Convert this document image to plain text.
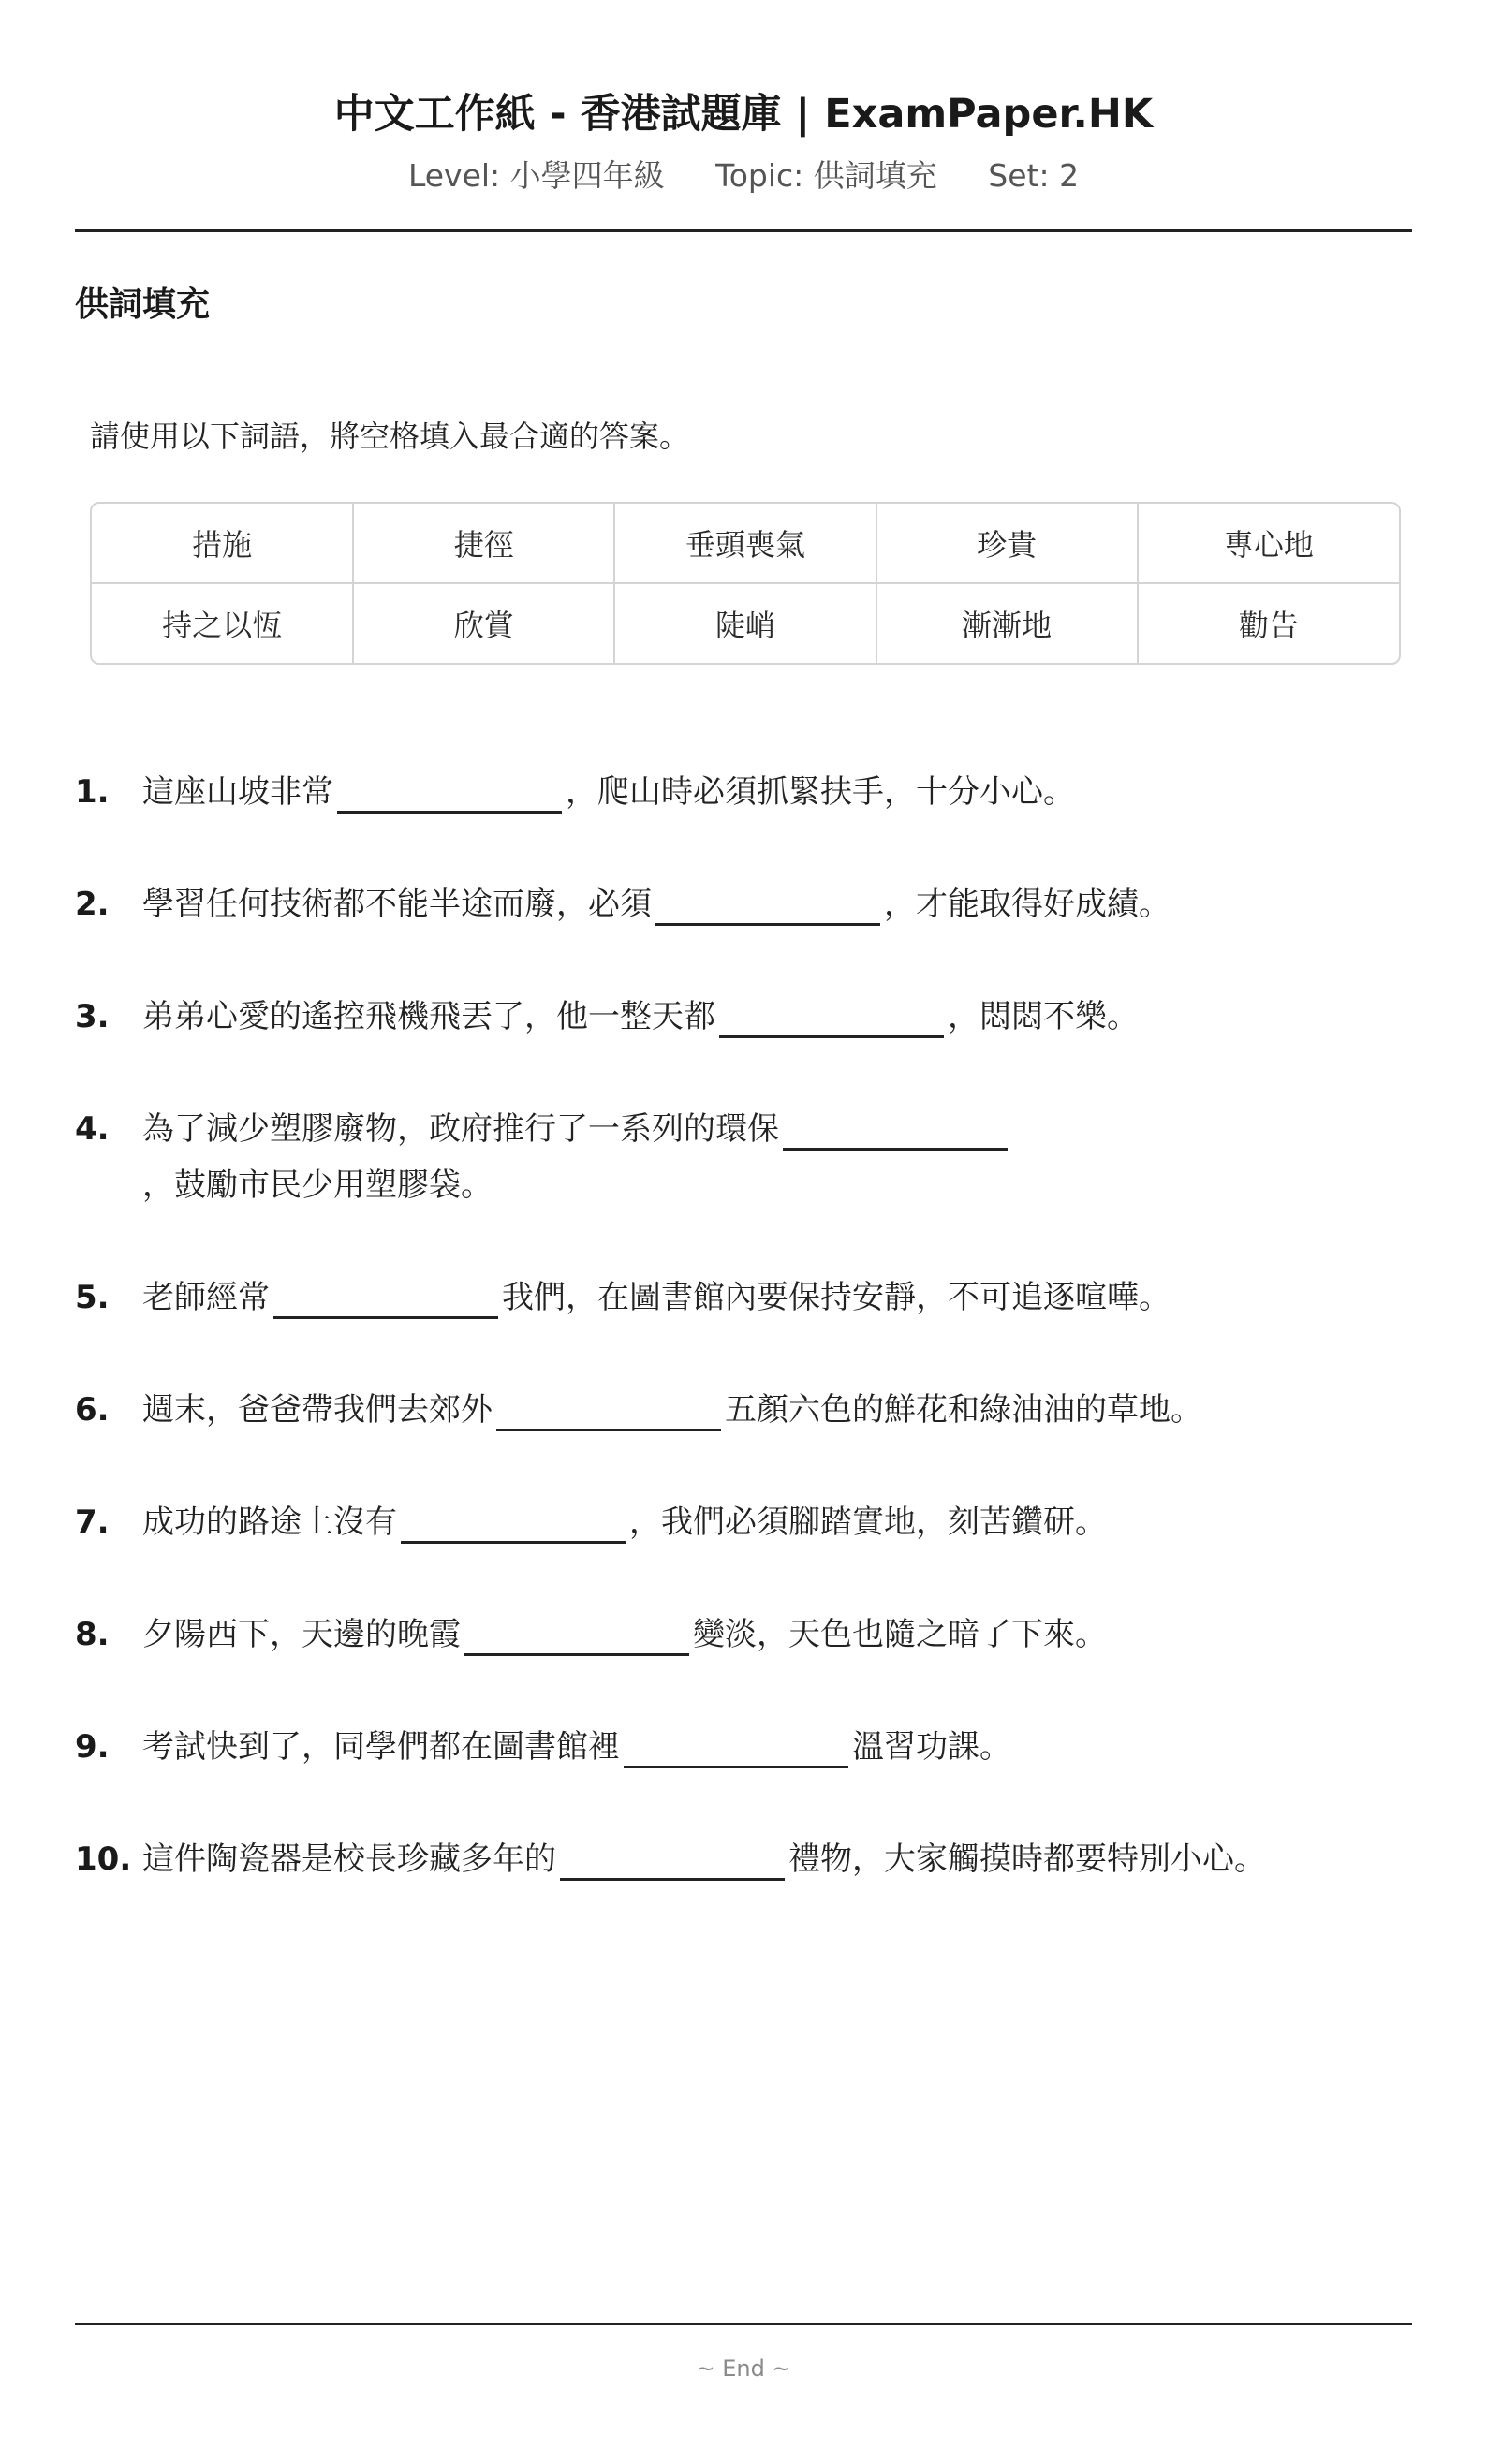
中文工作紙 - 香港試題庫 | ExamPaper.HK
Level: 小學四年級 Topic: 供詞填充 Set: 2
供詞填充
請使用以下詞語，將空格填入最合適的答案。
措施	捷徑	垂頭喪氣	珍貴	專心地
持之以恆	欣賞	陡峭	漸漸地	勸告
1.	這座山坡非常	，爬山時必須抓緊扶手，十分小心。
2.	學習任何技術都不能半途而廢，必須	，才能取得好成績。
3.	弟弟心愛的遙控飛機飛丟了，他一整天都	，悶悶不樂。
4.	為了減少塑膠廢物，政府推行了一系列的環保
，鼓勵市民少用塑膠袋。
5.	老師經常	我們，在圖書館內要保持安靜，不可追逐喧嘩。
6.	週末，爸爸帶我們去郊外	五顏六色的鮮花和綠油油的草地。
7.	成功的路途上沒有	，我們必須腳踏實地，刻苦鑽研。
8.	夕陽西下，天邊的晚霞	變淡，天色也隨之暗了下來。
9.	考試快到了，同學們都在圖書館裡	溫習功課。
10. 這件陶瓷器是校長珍藏多年的	禮物，大家觸摸時都要特別小心。
~ End ~
